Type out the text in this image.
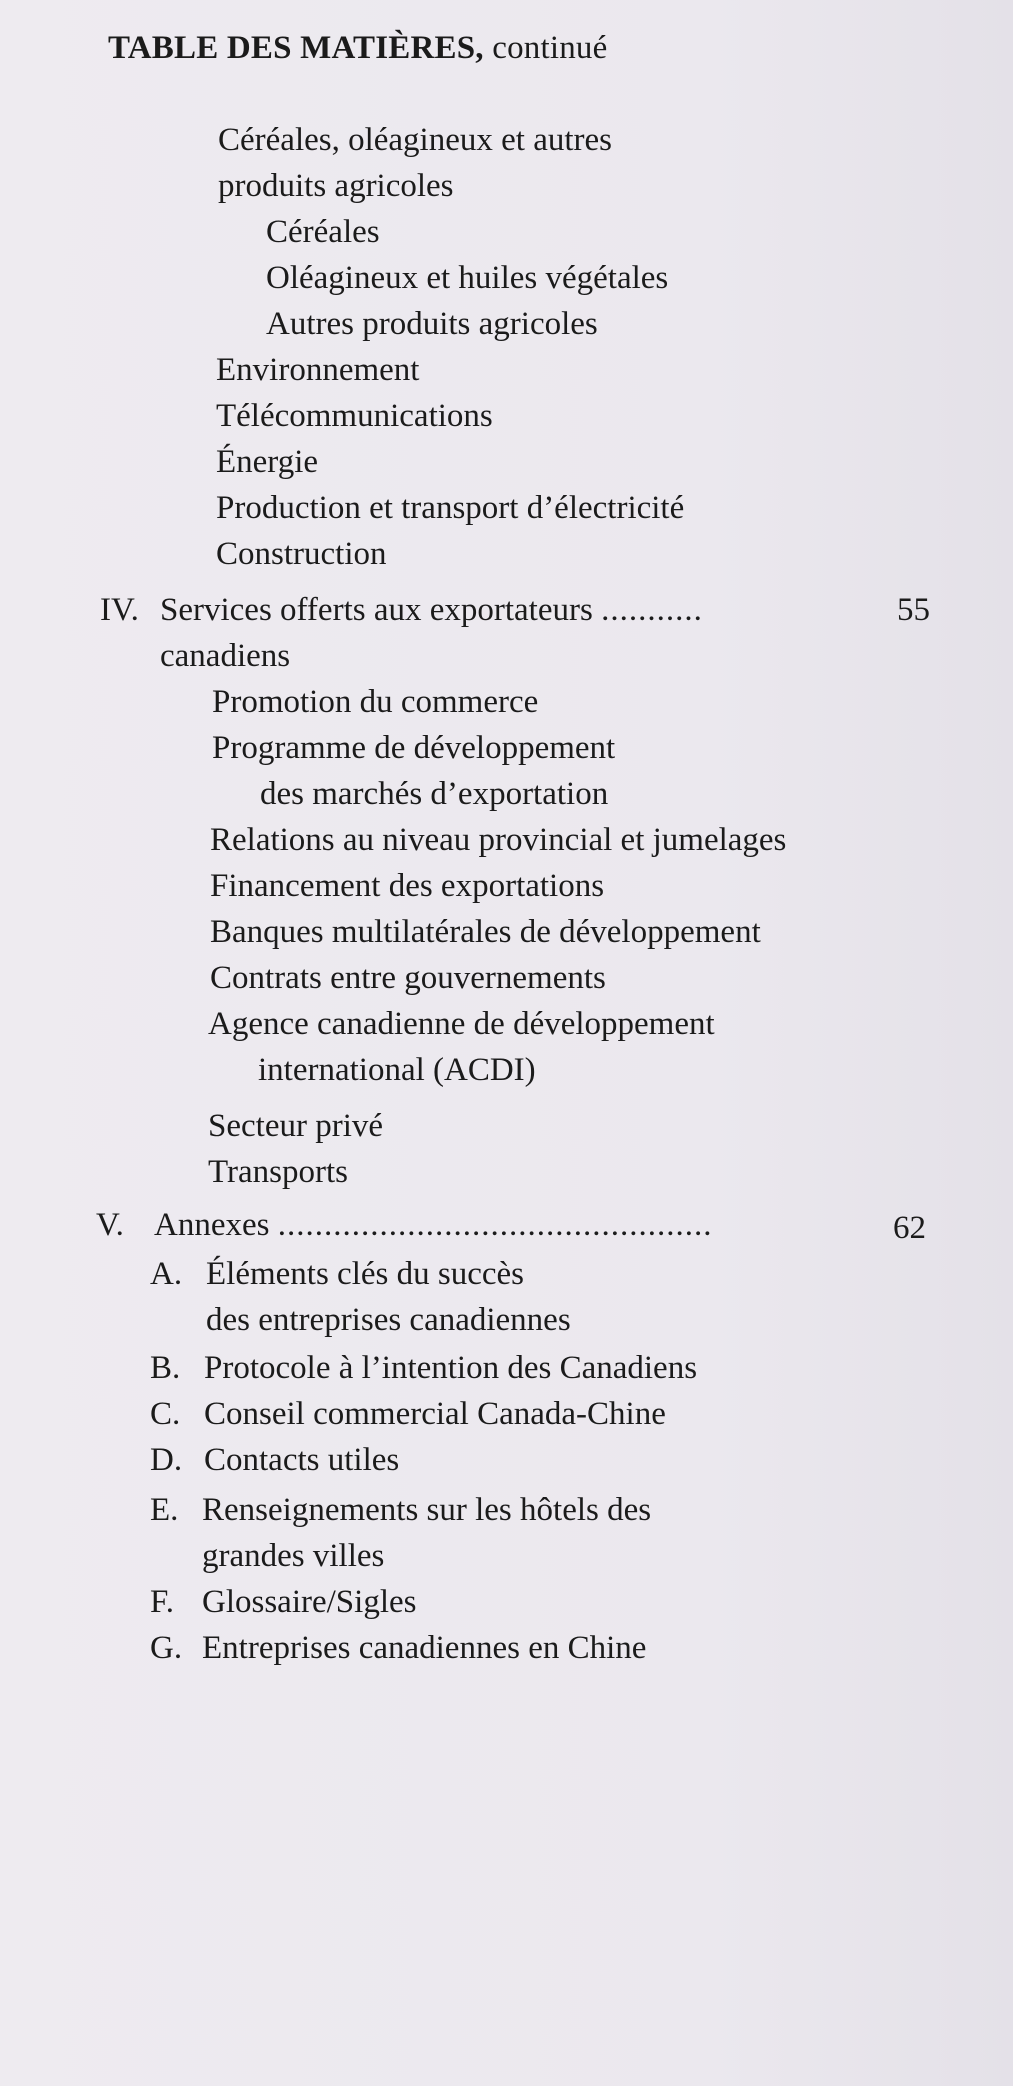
TABLE DES MATIÈRES, continué
Céréales, oléagineux et autres
produits agricoles
Céréales
Oléagineux et huiles végétales
Autres produits agricoles
Environnement
Télécommunications
Énergie
Production et transport d’électricité
Construction
IV. Services offerts aux exportateurs ...........	55
canadiens
Promotion du commerce
Programme de développement
des marchés d’exportation
Relations au niveau provincial et jumelages
Financement des exportations
Banques multilatérales de développement
Contrats entre gouvernements
Agence canadienne de développement
international (ACDI)
Secteur privé
Transports
V. Annexes ...............................................	62
A. Éléments clés du succès
des entreprises canadiennes
B. Protocole à l’intention des Canadiens
C. Conseil commercial Canada-Chine
D. Contacts utiles
E. Renseignements sur les hôtels des
grandes villes
F. Glossaire/Sigles
G. Entreprises canadiennes en Chine
